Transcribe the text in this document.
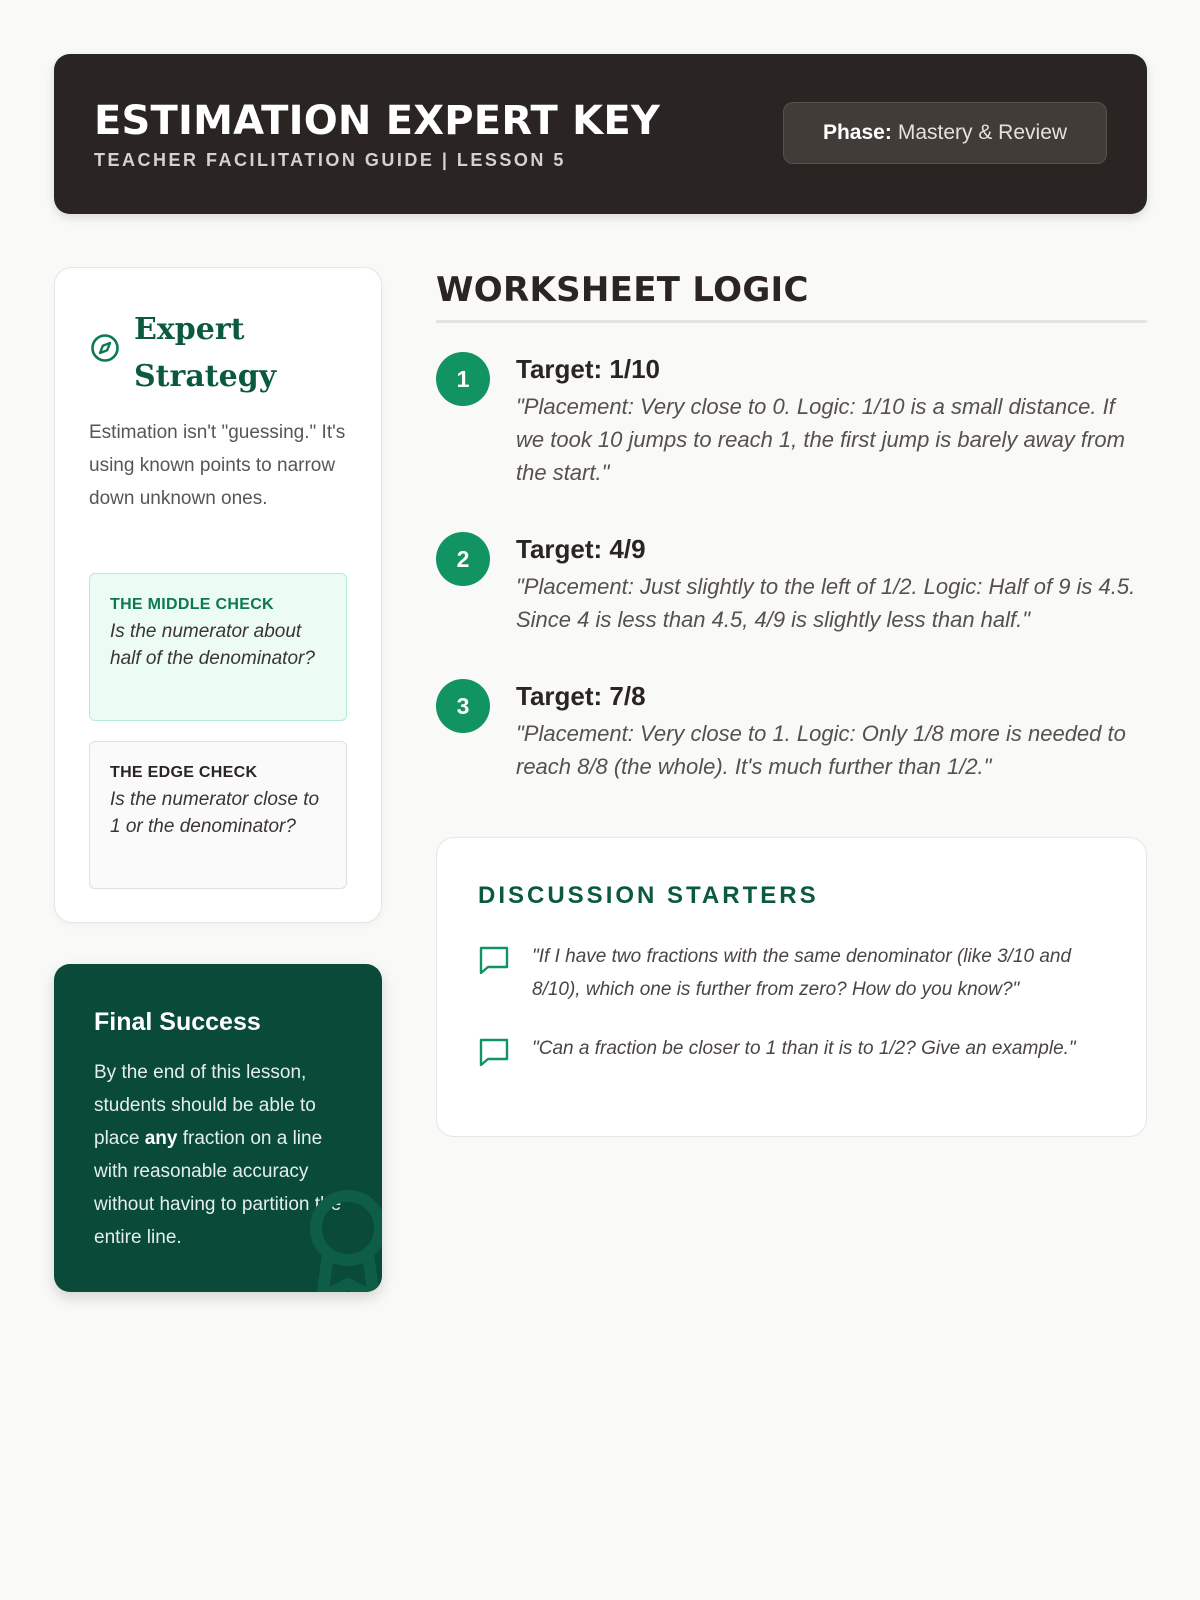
ESTIMATION EXPERT KEY
TEACHER FACILITATION GUIDE | LESSON 5
Phase: Mastery & Review
Expert Strategy
Estimation isn't "guessing." It's using known points to narrow down unknown ones.
THE MIDDLE CHECK
Is the numerator about half of the denominator?
THE EDGE CHECK
Is the numerator close to 1 or the denominator?
Final Success
By the end of this lesson, students should be able to place any fraction on a line with reasonable accuracy without having to partition the entire line.
WORKSHEET LOGIC
1	Target: 1/10
"Placement: Very close to 0. Logic: 1/10 is a small distance. If we took 10 jumps to reach 1, the first jump is barely away from the start."
2	Target: 4/9
"Placement: Just slightly to the left of 1/2. Logic: Half of 9 is 4.5. Since 4 is less than 4.5, 4/9 is slightly less than half."
3	Target: 7/8
"Placement: Very close to 1. Logic: Only 1/8 more is needed to reach 8/8 (the whole). It's much further than 1/2."
DISCUSSION STARTERS
"If I have two fractions with the same denominator (like 3/10 and 8/10), which one is further from zero? How do you know?"
"Can a fraction be closer to 1 than it is to 1/2? Give an example."
